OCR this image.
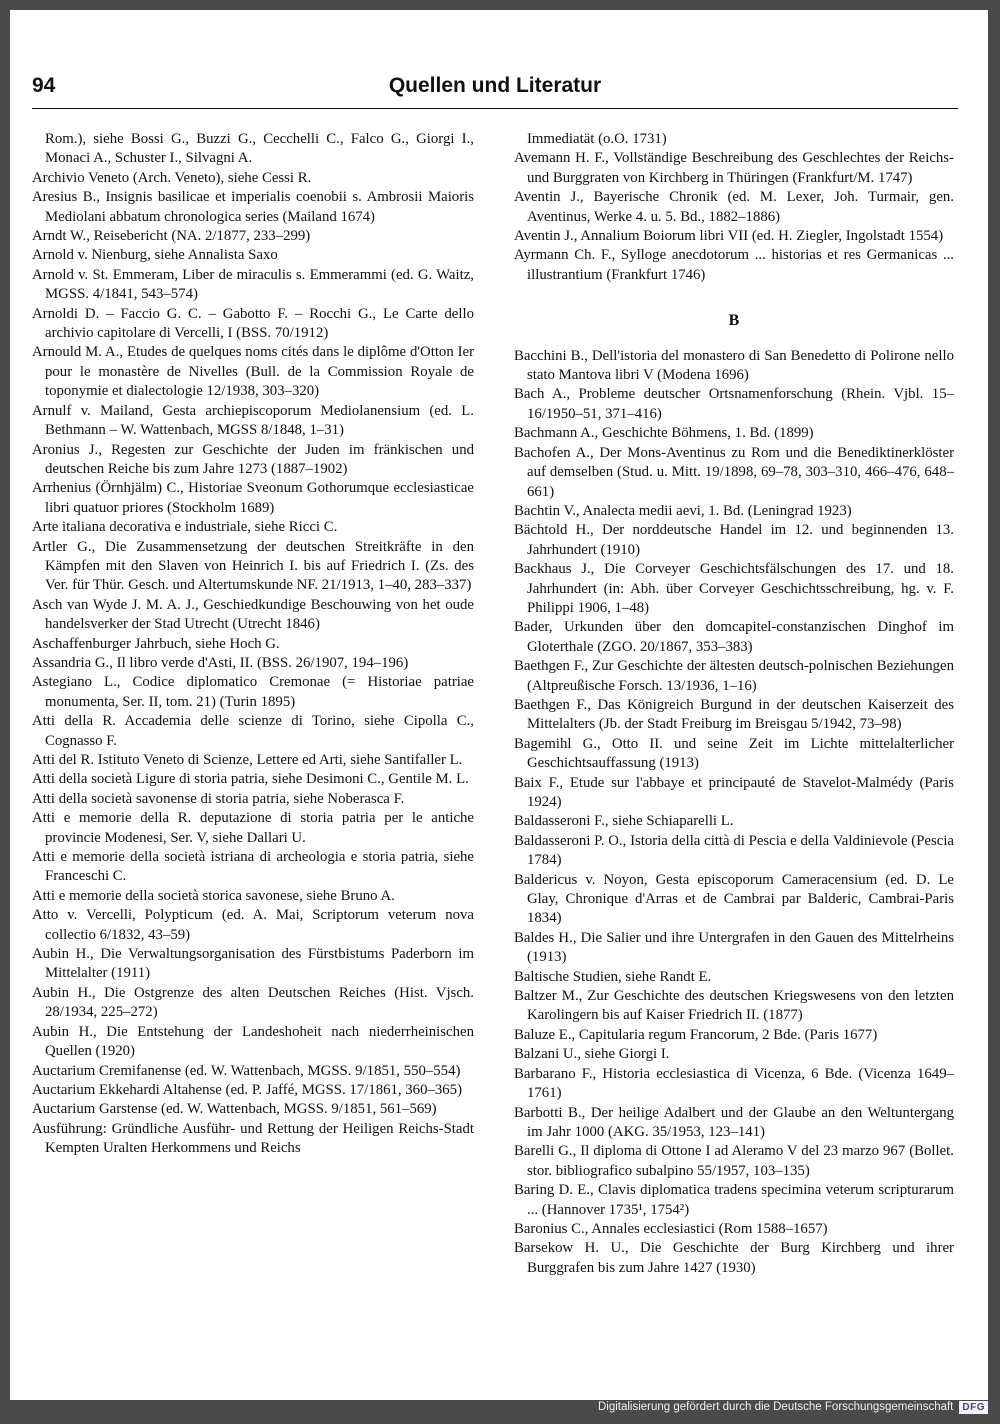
94	Quellen und Literatur

Rom.), siehe Bossi G., Buzzi G., Cecchelli C., Falco G., Giorgi I., Monaci A., Schuster I., Silvagni A.

Archivio Veneto (Arch. Veneto), siehe Cessi R.

Aresius B., Insignis basilicae et imperialis coenobii s. Ambrosii Maioris Mediolani abbatum chronologica series (Mailand 1674)

Arndt W., Reisebericht (NA. 2/1877, 233–299)

Arnold v. Nienburg, siehe Annalista Saxo

Arnold v. St. Emmeram, Liber de miraculis s. Emmerammi (ed. G. Waitz, MGSS. 4/1841, 543–574)

Arnoldi D. – Faccio G. C. – Gabotto F. – Rocchi G., Le Carte dello archivio capitolare di Vercelli, I (BSS. 70/1912)

Arnould M. A., Etudes de quelques noms cités dans le diplôme d'Otton Ier pour le monastère de Nivelles (Bull. de la Commission Royale de toponymie et dialectologie 12/1938, 303–320)

Arnulf v. Mailand, Gesta archiepiscoporum Mediolanensium (ed. L. Bethmann – W. Wattenbach, MGSS 8/1848, 1–31)

Aronius J., Regesten zur Geschichte der Juden im fränkischen und deutschen Reiche bis zum Jahre 1273 (1887–1902)

Arrhenius (Örnhjälm) C., Historiae Sveonum Gothorumque ecclesiasticae libri quatuor priores (Stockholm 1689)

Arte italiana decorativa e industriale, siehe Ricci C.

Artler G., Die Zusammensetzung der deutschen Streitkräfte in den Kämpfen mit den Slaven von Heinrich I. bis auf Friedrich I. (Zs. des Ver. für Thür. Gesch. und Altertumskunde NF. 21/1913, 1–40, 283–337)

Asch van Wyde J. M. A. J., Geschiedkundige Beschouwing von het oude handelsverker der Stad Utrecht (Utrecht 1846)

Aschaffenburger Jahrbuch, siehe Hoch G.

Assandria G., Il libro verde d'Asti, II. (BSS. 26/1907, 194–196)

Astegiano L., Codice diplomatico Cremonae (= Historiae patriae monumenta, Ser. II, tom. 21) (Turin 1895)

Atti della R. Accademia delle scienze di Torino, siehe Cipolla C., Cognasso F.

Atti del R. Istituto Veneto di Scienze, Lettere ed Arti, siehe Santifaller L.

Atti della società Ligure di storia patria, siehe Desimoni C., Gentile M. L.

Atti della società savonense di storia patria, siehe Noberasca F.

Atti e memorie della R. deputazione di storia patria per le antiche provincie Modenesi, Ser. V, siehe Dallari U.

Atti e memorie della società istriana di archeologia e storia patria, siehe Franceschi C.

Atti e memorie della società storica savonese, siehe Bruno A.

Atto v. Vercelli, Polypticum (ed. A. Mai, Scriptorum veterum nova collectio 6/1832, 43–59)

Aubin H., Die Verwaltungsorganisation des Fürstbistums Paderborn im Mittelalter (1911)

Aubin H., Die Ostgrenze des alten Deutschen Reiches (Hist. Vjsch. 28/1934, 225–272)

Aubin H., Die Entstehung der Landeshoheit nach niederrheinischen Quellen (1920)

Auctarium Cremifanense (ed. W. Wattenbach, MGSS. 9/1851, 550–554)

Auctarium Ekkehardi Altahense (ed. P. Jaffé, MGSS. 17/1861, 360–365)

Auctarium Garstense (ed. W. Wattenbach, MGSS. 9/1851, 561–569)

Ausführung: Gründliche Ausführ- und Rettung der Heiligen Reichs-Stadt Kempten Uralten Herkommens und Reichs

Immediatät (o.O. 1731)

Avemann H. F., Vollständige Beschreibung des Geschlechtes der Reichs- und Burggraten von Kirchberg in Thüringen (Frankfurt/M. 1747)

Aventin J., Bayerische Chronik (ed. M. Lexer, Joh. Turmair, gen. Aventinus, Werke 4. u. 5. Bd., 1882–1886)

Aventin J., Annalium Boiorum libri VII (ed. H. Ziegler, Ingolstadt 1554)

Ayrmann Ch. F., Sylloge anecdotorum ... historias et res Germanicas ... illustrantium (Frankfurt 1746)

B

Bacchini B., Dell'istoria del monastero di San Benedetto di Polirone nello stato Mantova libri V (Modena 1696)

Bach A., Probleme deutscher Ortsnamenforschung (Rhein. Vjbl. 15–16/1950–51, 371–416)

Bachmann A., Geschichte Böhmens, 1. Bd. (1899)

Bachofen A., Der Mons-Aventinus zu Rom und die Benediktinerklöster auf demselben (Stud. u. Mitt. 19/1898, 69–78, 303–310, 466–476, 648–661)

Bachtin V., Analecta medii aevi, 1. Bd. (Leningrad 1923)

Bächtold H., Der norddeutsche Handel im 12. und beginnenden 13. Jahrhundert (1910)

Backhaus J., Die Corveyer Geschichtsfälschungen des 17. und 18. Jahrhundert (in: Abh. über Corveyer Geschichtsschreibung, hg. v. F. Philippi 1906, 1–48)

Bader, Urkunden über den domcapitel-constanzischen Dinghof im Gloterthale (ZGO. 20/1867, 353–383)

Baethgen F., Zur Geschichte der ältesten deutsch-polnischen Beziehungen (Altpreußische Forsch. 13/1936, 1–16)

Baethgen F., Das Königreich Burgund in der deutschen Kaiserzeit des Mittelalters (Jb. der Stadt Freiburg im Breisgau 5/1942, 73–98)

Bagemihl G., Otto II. und seine Zeit im Lichte mittelalterlicher Geschichtsauffassung (1913)

Baix F., Etude sur l'abbaye et principauté de Stavelot-Malmédy (Paris 1924)

Baldasseroni F., siehe Schiaparelli L.

Baldasseroni P. O., Istoria della città di Pescia e della Valdinievole (Pescia 1784)

Baldericus v. Noyon, Gesta episcoporum Cameracensium (ed. D. Le Glay, Chronique d'Arras et de Cambrai par Balderic, Cambrai-Paris 1834)

Baldes H., Die Salier und ihre Untergrafen in den Gauen des Mittelrheins (1913)

Baltische Studien, siehe Randt E.

Baltzer M., Zur Geschichte des deutschen Kriegswesens von den letzten Karolingern bis auf Kaiser Friedrich II. (1877)

Baluze E., Capitularia regum Francorum, 2 Bde. (Paris 1677)

Balzani U., siehe Giorgi I.

Barbarano F., Historia ecclesiastica di Vicenza, 6 Bde. (Vicenza 1649–1761)

Barbotti B., Der heilige Adalbert und der Glaube an den Weltuntergang im Jahr 1000 (AKG. 35/1953, 123–141)

Barelli G., Il diploma di Ottone I ad Aleramo V del 23 marzo 967 (Bollet. stor. bibliografico subalpino 55/1957, 103–135)

Baring D. E., Clavis diplomatica tradens specimina veterum scripturarum ... (Hannover 1735¹, 1754²)

Baronius C., Annales ecclesiastici (Rom 1588–1657)

Barsekow H. U., Die Geschichte der Burg Kirchberg und ihrer Burggrafen bis zum Jahre 1427 (1930)

Digitalisierung gefördert durch die Deutsche Forschungsgemeinschaft DFG
